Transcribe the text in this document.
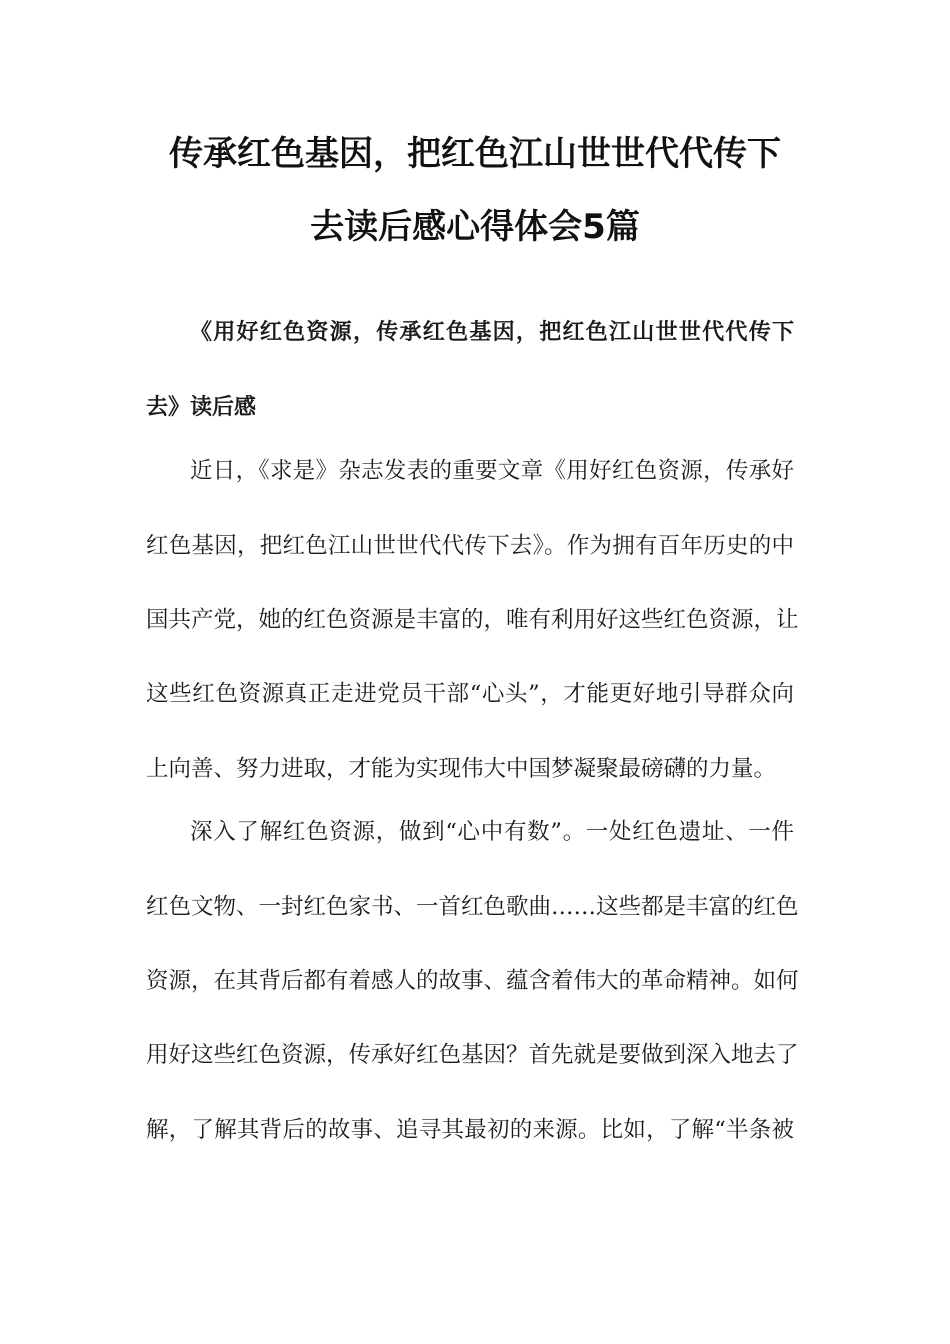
传承红色基因，把红色江山世世代代传下
去读后感心得体会5篇
《用好红色资源，传承红色基因，把红色江山世世代代传下
去》读后感
近日，《求是》杂志发表的重要文章《用好红色资源，传承好
红色基因，把红色江山世世代代传下去》。作为拥有百年历史的中
国共产党，她的红色资源是丰富的，唯有利用好这些红色资源，让
这些红色资源真正走进党员干部“心头”，才能更好地引导群众向
上向善、努力进取，才能为实现伟大中国梦凝聚最磅礴的力量。
深入了解红色资源，做到“心中有数”。一处红色遗址、一件
红色文物、一封红色家书、一首红色歌曲……这些都是丰富的红色
资源，在其背后都有着感人的故事、蕴含着伟大的革命精神。如何
用好这些红色资源，传承好红色基因？首先就是要做到深入地去了
解，了解其背后的故事、追寻其最初的来源。比如，了解“半条被
